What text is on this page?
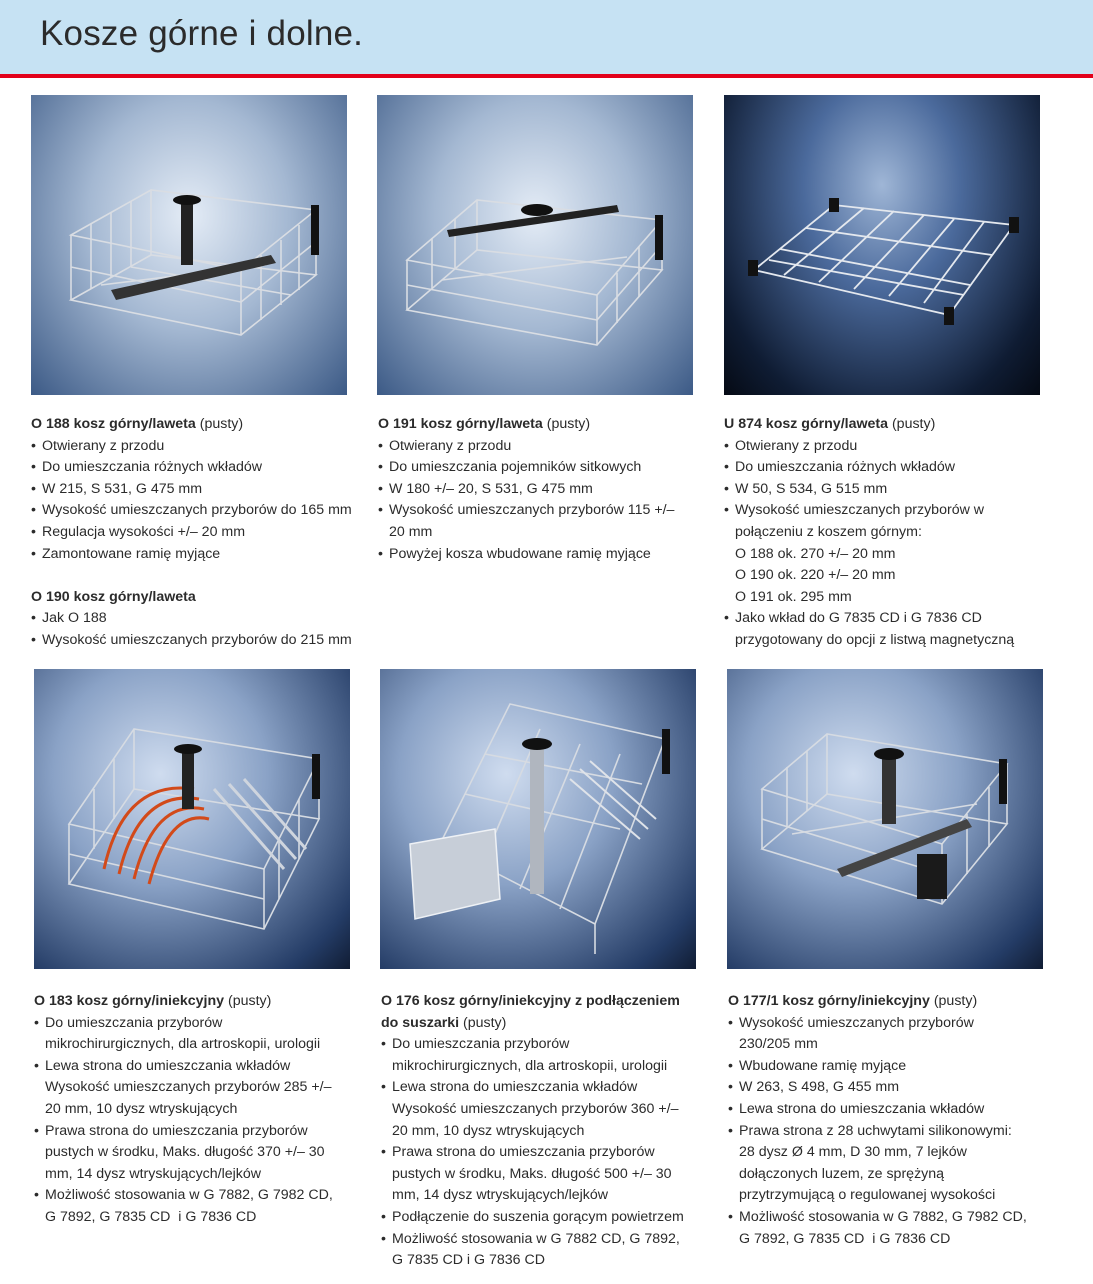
Kosze górne i dolne.
O 188 kosz górny/laweta (pusty)
• Otwierany z przodu
• Do umieszczania różnych wkładów
• W 215, S 531, G 475 mm
• Wysokość umieszczanych przyborów do 165 mm
• Regulacja wysokości +/– 20 mm
• Zamontowane ramię myjące
O 190 kosz górny/laweta
• Jak O 188
• Wysokość umieszczanych przyborów do 215 mm
O 191 kosz górny/laweta (pusty)
• Otwierany z przodu
• Do umieszczania pojemników sitkowych
• W 180 +/– 20, S 531, G 475 mm
• Wysokość umieszczanych przyborów 115 +/–
20 mm
• Powyżej kosza wbudowane ramię myjące
U 874 kosz górny/laweta (pusty)
• Otwierany z przodu
• Do umieszczania różnych wkładów
• W 50, S 534, G 515 mm
• Wysokość umieszczanych przyborów w
połączeniu z koszem górnym:
O 188 ok. 270 +/– 20 mm
O 190 ok. 220 +/– 20 mm
O 191 ok. 295 mm
• Jako wkład do G 7835 CD i G 7836 CD
przygotowany do opcji z listwą magnetyczną
O 183 kosz górny/iniekcyjny (pusty)
• Do umieszczania przyborów
mikrochirurgicznych, dla artroskopii, urologii
• Lewa strona do umieszczania wkładów
Wysokość umieszczanych przyborów 285 +/–
20 mm, 10 dysz wtryskujących
• Prawa strona do umieszczania przyborów
pustych w środku, Maks. długość 370 +/– 30
mm, 14 dysz wtryskujących/lejków
• Możliwość stosowania w G 7882, G 7982 CD,
G 7892, G 7835 CD  i G 7836 CD
O 176 kosz górny/iniekcyjny z podłączeniem
do suszarki (pusty)
• Do umieszczania przyborów
mikrochirurgicznych, dla artroskopii, urologii
• Lewa strona do umieszczania wkładów
Wysokość umieszczanych przyborów 360 +/–
20 mm, 10 dysz wtryskujących
• Prawa strona do umieszczania przyborów
pustych w środku, Maks. długość 500 +/– 30
mm, 14 dysz wtryskujących/lejków
• Podłączenie do suszenia gorącym powietrzem
• Możliwość stosowania w G 7882 CD, G 7892,
G 7835 CD i G 7836 CD
O 177/1 kosz górny/iniekcyjny (pusty)
• Wysokość umieszczanych przyborów
230/205 mm
• Wbudowane ramię myjące
• W 263, S 498, G 455 mm
• Lewa strona do umieszczania wkładów
• Prawa strona z 28 uchwytami silikonowymi:
28 dysz Ø 4 mm, D 30 mm, 7 lejków
dołączonych luzem, ze sprężyną
przytrzymującą o regulowanej wysokości
• Możliwość stosowania w G 7882, G 7982 CD,
G 7892, G 7835 CD  i G 7836 CD
